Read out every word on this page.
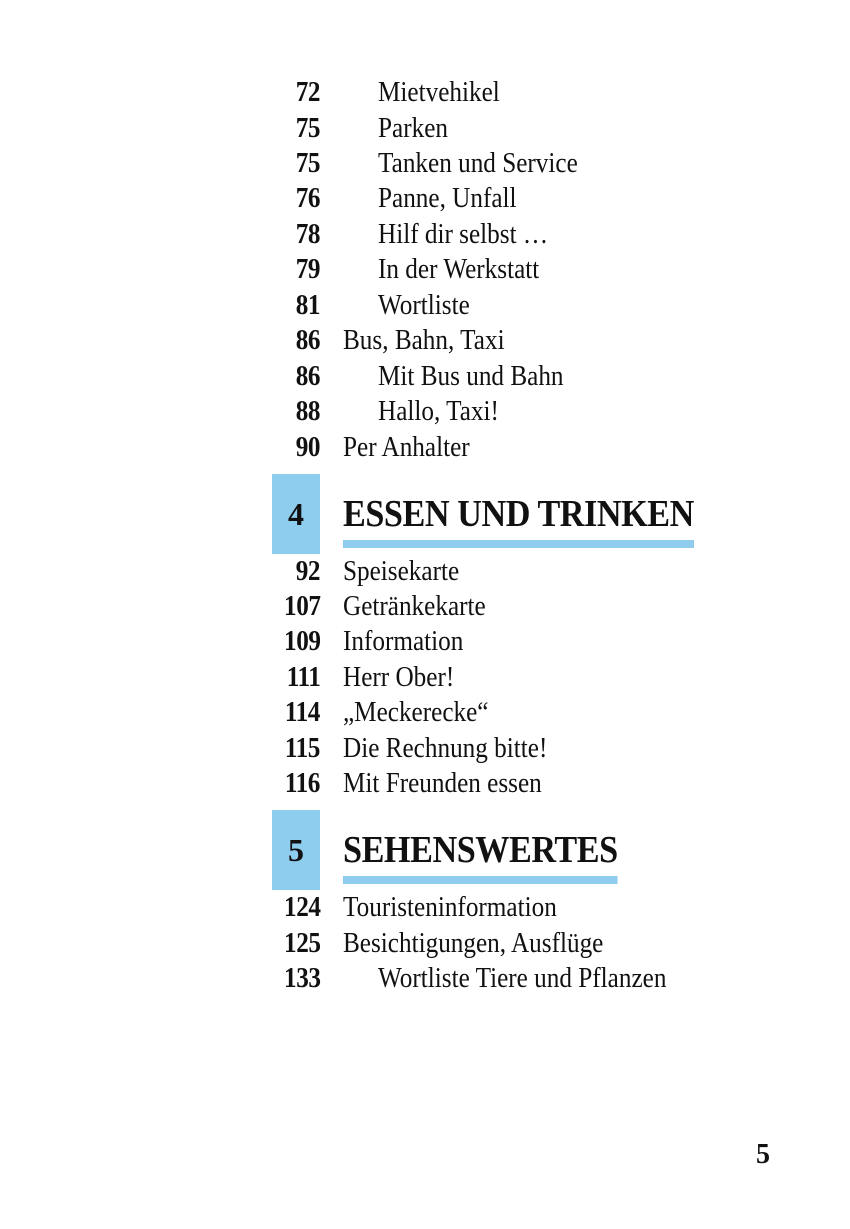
72 Mietvehikel
75 Parken
75 Tanken und Service
76 Panne, Unfall
78 Hilf dir selbst …
79 In der Werkstatt
81 Wortliste
86 Bus, Bahn, Taxi
86 Mit Bus und Bahn
88 Hallo, Taxi!
90 Per Anhalter
4	ESSEN UND TRINKEN
92 Speisekarte
107 Getränkekarte
109 Information
111 Herr Ober!
114 „Meckerecke“
115 Die Rechnung bitte!
116 Mit Freunden essen
5	SEHENSWERTES
124 Touristeninformation
125 Besichtigungen, Ausflüge
133 Wortliste Tiere und Pflanzen
5
